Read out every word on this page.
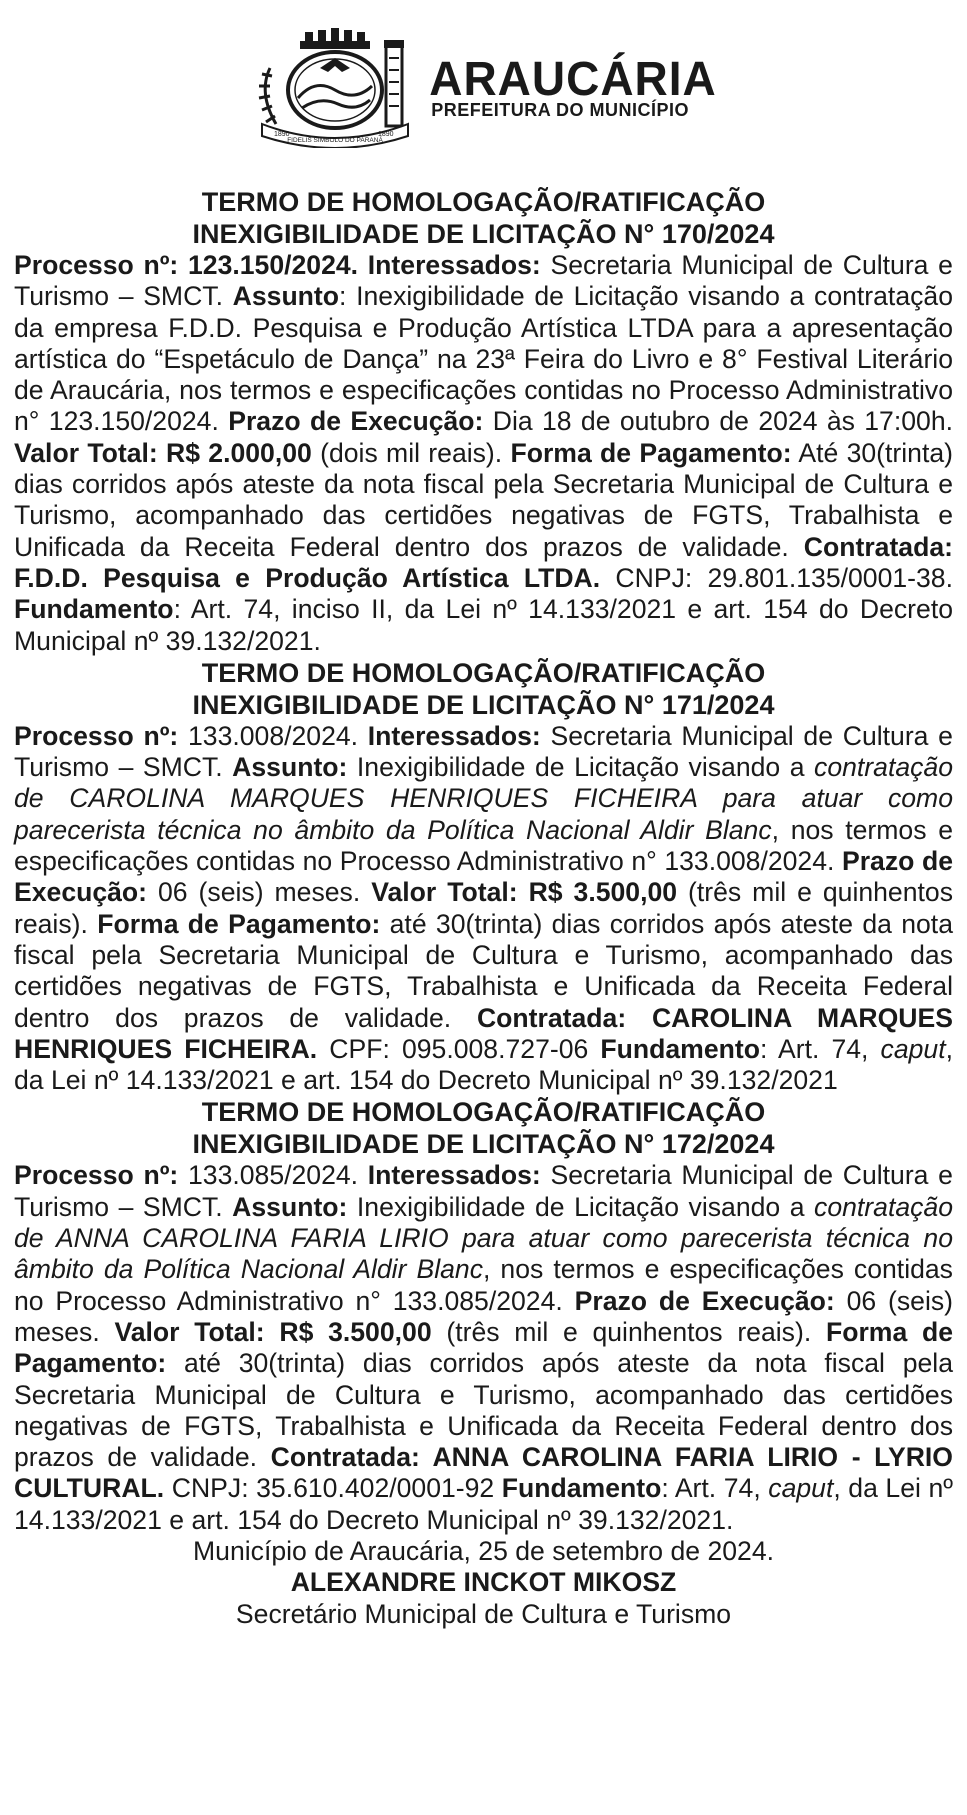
1890
FIDELIS SIMBOLO DO PARANÁ
1890
ARAUCÁRIA
PREFEITURA DO MUNICÍPIO
TERMO DE HOMOLOGAÇÃO/RATIFICAÇÃO
INEXIGIBILIDADE DE LICITAÇÃO N° 170/2024

Processo nº: 123.150/2024. Interessados: Secretaria Municipal de Cultura e Turismo – SMCT. Assunto: Inexigibilidade de Licitação visando a contratação da empresa F.D.D. Pesquisa e Produção Artística LTDA para a apresentação artística do “Espetáculo de Dança” na 23ª Feira do Livro e 8° Festival Literário de Araucária, nos termos e especificações contidas no Processo Administrativo n° 123.150/2024. Prazo de Execução: Dia 18 de outubro de 2024 às 17:00h. Valor Total: R$ 2.000,00 (dois mil reais). Forma de Pagamento: Até 30(trinta) dias corridos após ateste da nota fiscal pela Secretaria Municipal de Cultura e Turismo, acompanhado das certidões negativas de FGTS, Trabalhista e Unificada da Receita Federal dentro dos prazos de validade. Contratada: F.D.D. Pesquisa e Produção Artística LTDA. CNPJ: 29.801.135/0001-38. Fundamento: Art. 74, inciso II, da Lei nº 14.133/2021 e art. 154 do Decreto Municipal nº 39.132/2021.

TERMO DE HOMOLOGAÇÃO/RATIFICAÇÃO
INEXIGIBILIDADE DE LICITAÇÃO N° 171/2024

Processo nº: 133.008/2024. Interessados: Secretaria Municipal de Cultura e Turismo – SMCT. Assunto: Inexigibilidade de Licitação visando a contratação de CAROLINA MARQUES HENRIQUES FICHEIRA para atuar como parecerista técnica no âmbito da Política Nacional Aldir Blanc, nos termos e especificações contidas no Processo Administrativo n° 133.008/2024. Prazo de Execução: 06 (seis) meses. Valor Total: R$ 3.500,00 (três mil e quinhentos reais). Forma de Pagamento: até 30(trinta) dias corridos após ateste da nota fiscal pela Secretaria Municipal de Cultura e Turismo, acompanhado das certidões negativas de FGTS, Trabalhista e Unificada da Receita Federal dentro dos prazos de validade. Contratada: CAROLINA MARQUES HENRIQUES FICHEIRA. CPF: 095.008.727-06 Fundamento: Art. 74, caput, da Lei nº 14.133/2021 e art. 154 do Decreto Municipal nº 39.132/2021

TERMO DE HOMOLOGAÇÃO/RATIFICAÇÃO
INEXIGIBILIDADE DE LICITAÇÃO N° 172/2024

Processo nº: 133.085/2024. Interessados: Secretaria Municipal de Cultura e Turismo – SMCT. Assunto: Inexigibilidade de Licitação visando a contratação de ANNA CAROLINA FARIA LIRIO para atuar como parecerista técnica no âmbito da Política Nacional Aldir Blanc, nos termos e especificações contidas no Processo Administrativo n° 133.085/2024. Prazo de Execução: 06 (seis) meses. Valor Total: R$ 3.500,00 (três mil e quinhentos reais). Forma de Pagamento: até 30(trinta) dias corridos após ateste da nota fiscal pela Secretaria Municipal de Cultura e Turismo, acompanhado das certidões negativas de FGTS, Trabalhista e Unificada da Receita Federal dentro dos prazos de validade. Contratada: ANNA CAROLINA FARIA LIRIO - LYRIO CULTURAL. CNPJ: 35.610.402/0001-92 Fundamento: Art. 74, caput, da Lei nº 14.133/2021 e art. 154 do Decreto Municipal nº 39.132/2021.

Município de Araucária, 25 de setembro de 2024.
ALEXANDRE INCKOT MIKOSZ
Secretário Municipal de Cultura e Turismo
